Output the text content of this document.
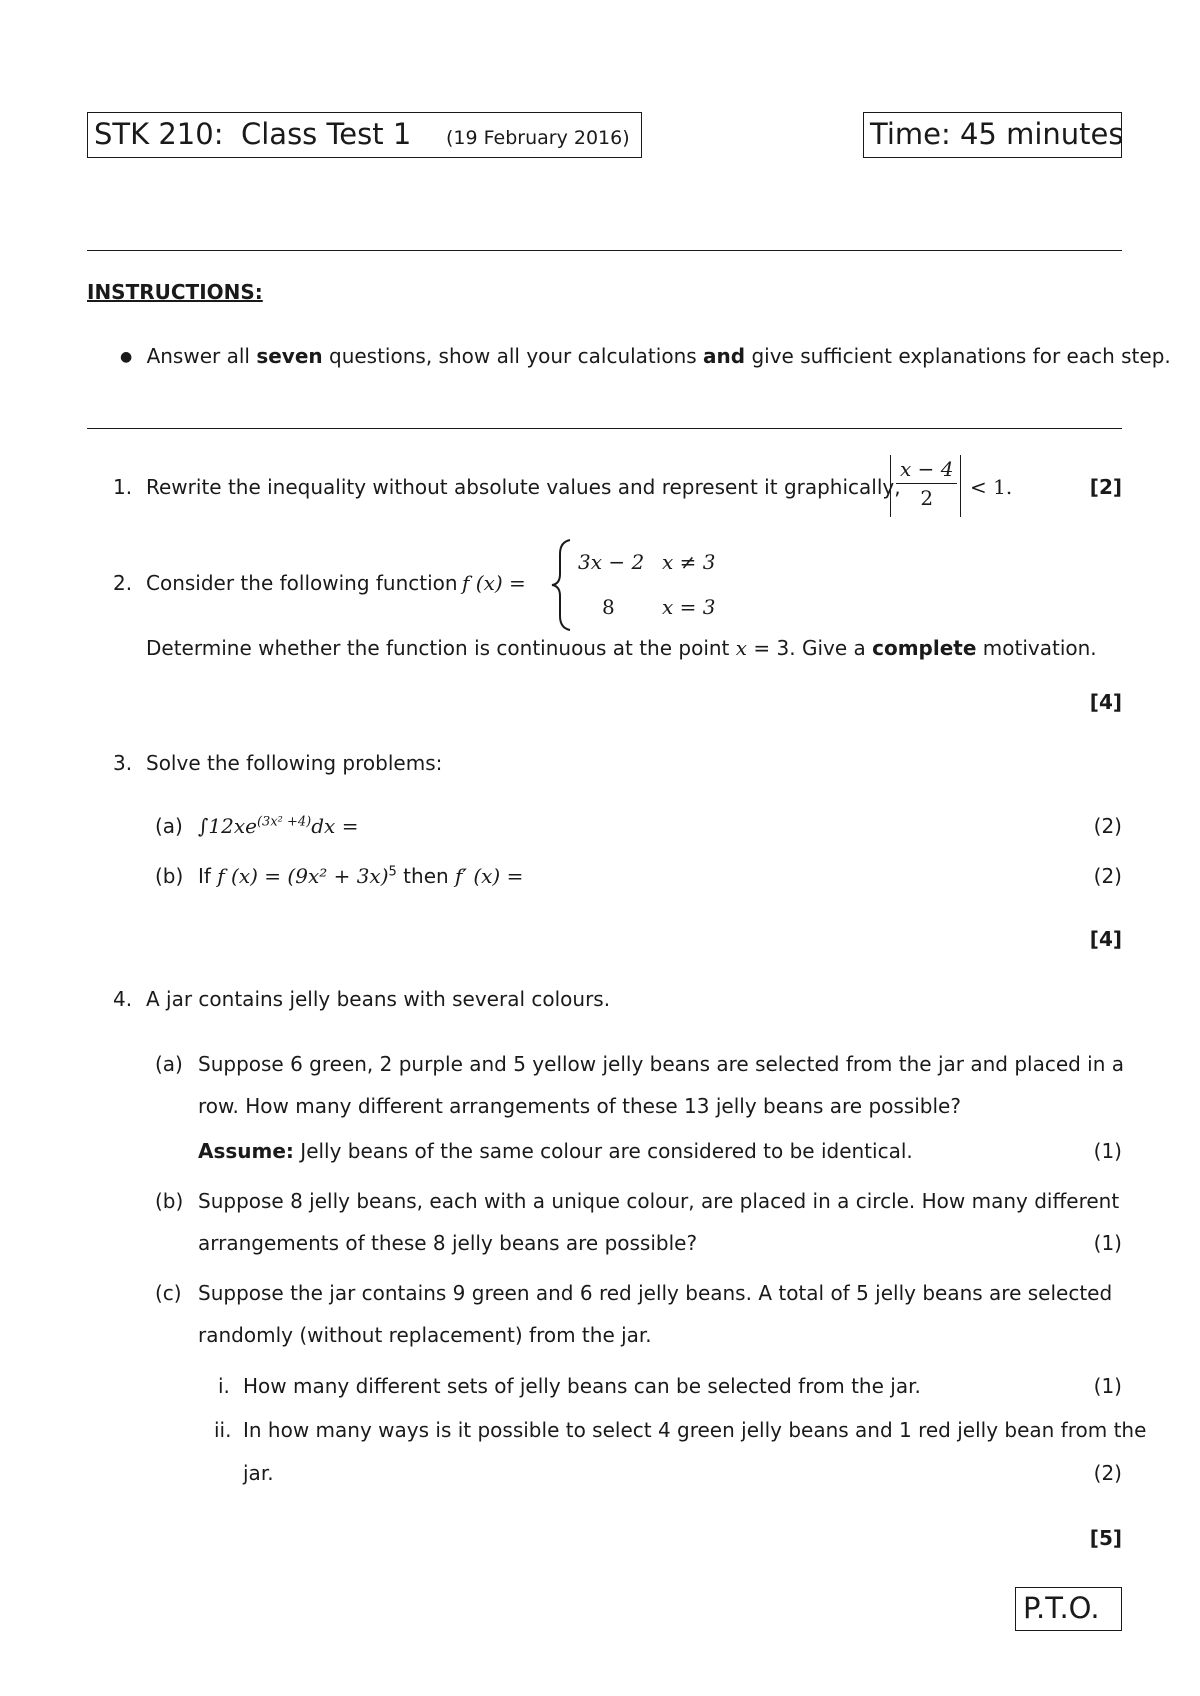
STK 210: Class Test 1 (19 February 2016)	Time: 45 minutes
INSTRUCTIONS:
● Answer all seven questions, show all your calculations and give sufficient explanations for each step.
1. Rewrite the inequality without absolute values and represent it graphically,
$\frac{x - 4}{2} < 1$.	[2]
2. Consider the following function f (x) =
3x − 2 x ≠ 3
8 x = 3
Determine whether the function is continuous at the point x = 3. Give a complete motivation.
[4]
3. Solve the following problems:
(a) $\int 12xe^{(3x^2 +4)}dx$ =	(2)
(b) If f $(x) = (9x^2 + 3x)^5$ then f′ (x) =	(2)
[4]
4. A jar contains jelly beans with several colours.
(a) Suppose 6 green, 2 purple and 5 yellow jelly beans are selected from the jar and placed in a
row. How many different arrangements of these 13 jelly beans are possible?
Assume: Jelly beans of the same colour are considered to be identical.	(1)
(b) Suppose 8 jelly beans, each with a unique colour, are placed in a circle. How many different
arrangements of these 8 jelly beans are possible?	(1)
(c) Suppose the jar contains 9 green and 6 red jelly beans. A total of 5 jelly beans are selected
randomly (without replacement) from the jar.
i. How many different sets of jelly beans can be selected from the jar.	(1)
ii. In how many ways is it possible to select 4 green jelly beans and 1 red jelly bean from the
jar.	(2)
[5]
P.T.O.
